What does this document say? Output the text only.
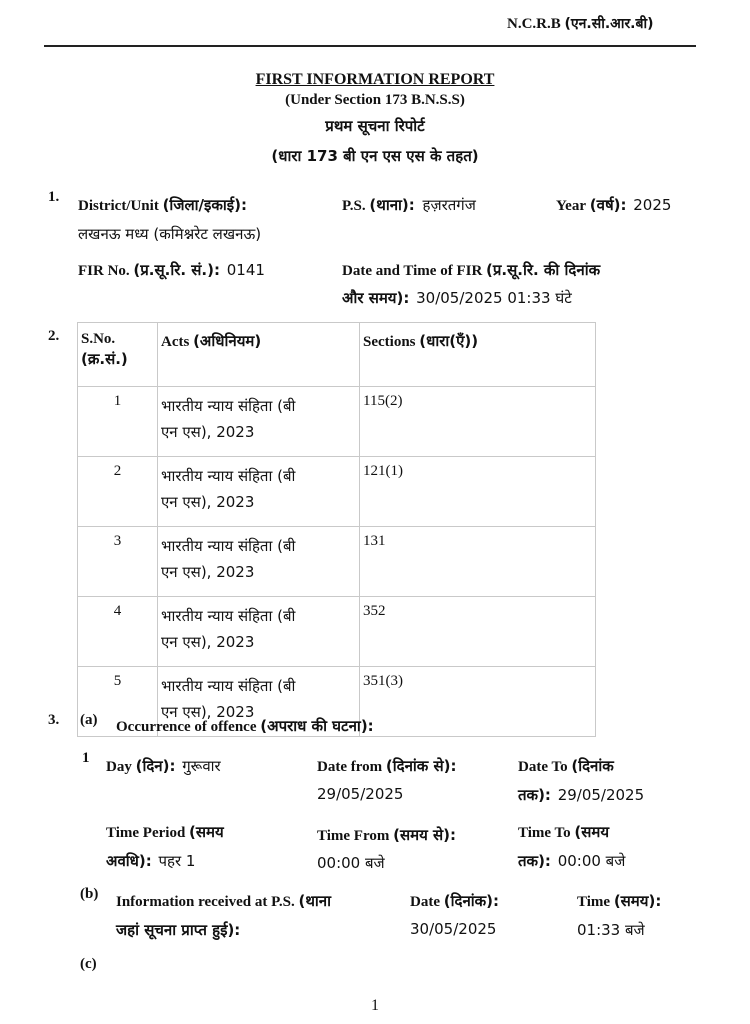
N.C.R.B (एन.सी.आर.बी)
FIRST INFORMATION REPORT
(Under Section 173 B.N.S.S)
प्रथम सूचना रिपोर्ट
(धारा 173 बी एन एस एस के तहत)
1.
District/Unit (जिला/इकाई):
लखनऊ मध्य (कमिश्नरेट लखनऊ)
P.S. (थाना): हज़रतगंज	Year (वर्ष): 2025
FIR No. (प्र.सू.रि. सं.): 0141	Date and Time of FIR (प्र.सू.रि. की दिनांक
और समय): 30/05/2025 01:33 घंटे
2. S.No.
(क्र.सं.)	Acts (अधिनियम)	Sections (धारा(एँ))
1	भारतीय न्याय संहिता (बी
एन एस), 2023	115(2)
2	भारतीय न्याय संहिता (बी
एन एस), 2023	121(1)
3	भारतीय न्याय संहिता (बी
एन एस), 2023	131
4	भारतीय न्याय संहिता (बी
एन एस), 2023	352
5	भारतीय न्याय संहिता (बी
एन एस), 2023	351(3)
3. (a) Occurrence of offence (अपराध की घटना):
1
Day (दिन): गुरूवार	Date from (दिनांक से):
29/05/2025
Date To (दिनांक
तक): 29/05/2025
Time Period (समय
अवधि): पहर 1
Time From (समय से):
00:00 बजे
Time To (समय
तक): 00:00 बजे
(b) Information received at P.S. (थाना
जहां सूचना प्राप्त हुई):
Date (दिनांक):
30/05/2025
Time (समय):
01:33 बजे
(c)
1
